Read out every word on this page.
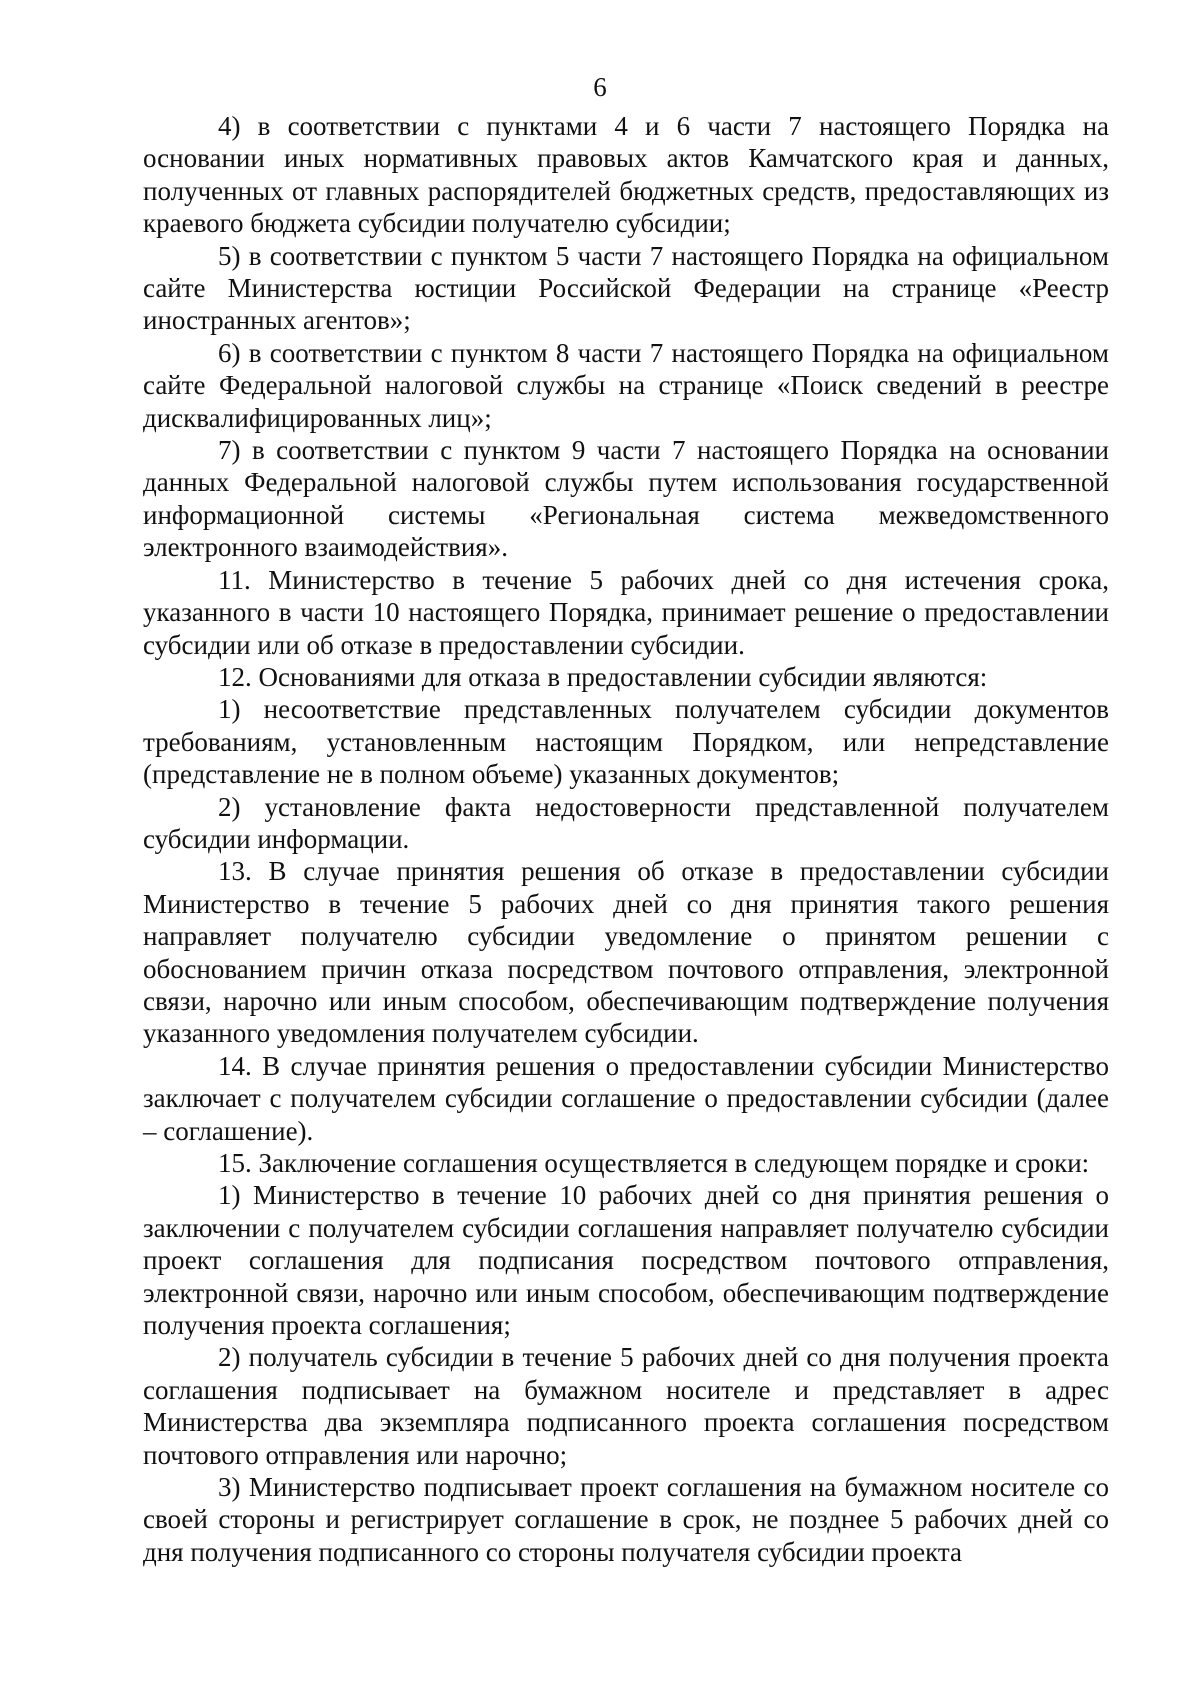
6

4) в соответствии с пунктами 4 и 6 части 7 настоящего Порядка на основании иных нормативных правовых актов Камчатского края и данных, полученных от главных распорядителей бюджетных средств, предоставляющих из краевого бюджета субсидии получателю субсидии;

5) в соответствии с пунктом 5 части 7 настоящего Порядка на официальном сайте Министерства юстиции Российской Федерации на странице «Реестр иностранных агентов»;

6) в соответствии с пунктом 8 части 7 настоящего Порядка на официальном сайте Федеральной налоговой службы на странице «Поиск сведений в реестре дисквалифицированных лиц»;

7) в соответствии с пунктом 9 части 7 настоящего Порядка на основании данных Федеральной налоговой службы путем использования государственной информационной системы «Региональная система межведомственного электронного взаимодействия».

11. Министерство в течение 5 рабочих дней со дня истечения срока, указанного в части 10 настоящего Порядка, принимает решение о предоставлении субсидии или об отказе в предоставлении субсидии.

12. Основаниями для отказа в предоставлении субсидии являются:

1) несоответствие представленных получателем субсидии документов требованиям, установленным настоящим Порядком, или непредставление (представление не в полном объеме) указанных документов;

2) установление факта недостоверности представленной получателем субсидии информации.

13. В случае принятия решения об отказе в предоставлении субсидии Министерство в течение 5 рабочих дней со дня принятия такого решения направляет получателю субсидии уведомление о принятом решении с обоснованием причин отказа посредством почтового отправления, электронной связи, нарочно или иным способом, обеспечивающим подтверждение получения указанного уведомления получателем субсидии.

14. В случае принятия решения о предоставлении субсидии Министерство заключает с получателем субсидии соглашение о предоставлении субсидии (далее – соглашение).

15. Заключение соглашения осуществляется в следующем порядке и сроки:

1) Министерство в течение 10 рабочих дней со дня принятия решения о заключении с получателем субсидии соглашения направляет получателю субсидии проект соглашения для подписания посредством почтового отправления, электронной связи, нарочно или иным способом, обеспечивающим подтверждение получения проекта соглашения;

2) получатель субсидии в течение 5 рабочих дней со дня получения проекта соглашения подписывает на бумажном носителе и представляет в адрес Министерства два экземпляра подписанного проекта соглашения посредством почтового отправления или нарочно;

3) Министерство подписывает проект соглашения на бумажном носителе со своей стороны и регистрирует соглашение в срок, не позднее 5 рабочих дней со дня получения подписанного со стороны получателя субсидии проекта
